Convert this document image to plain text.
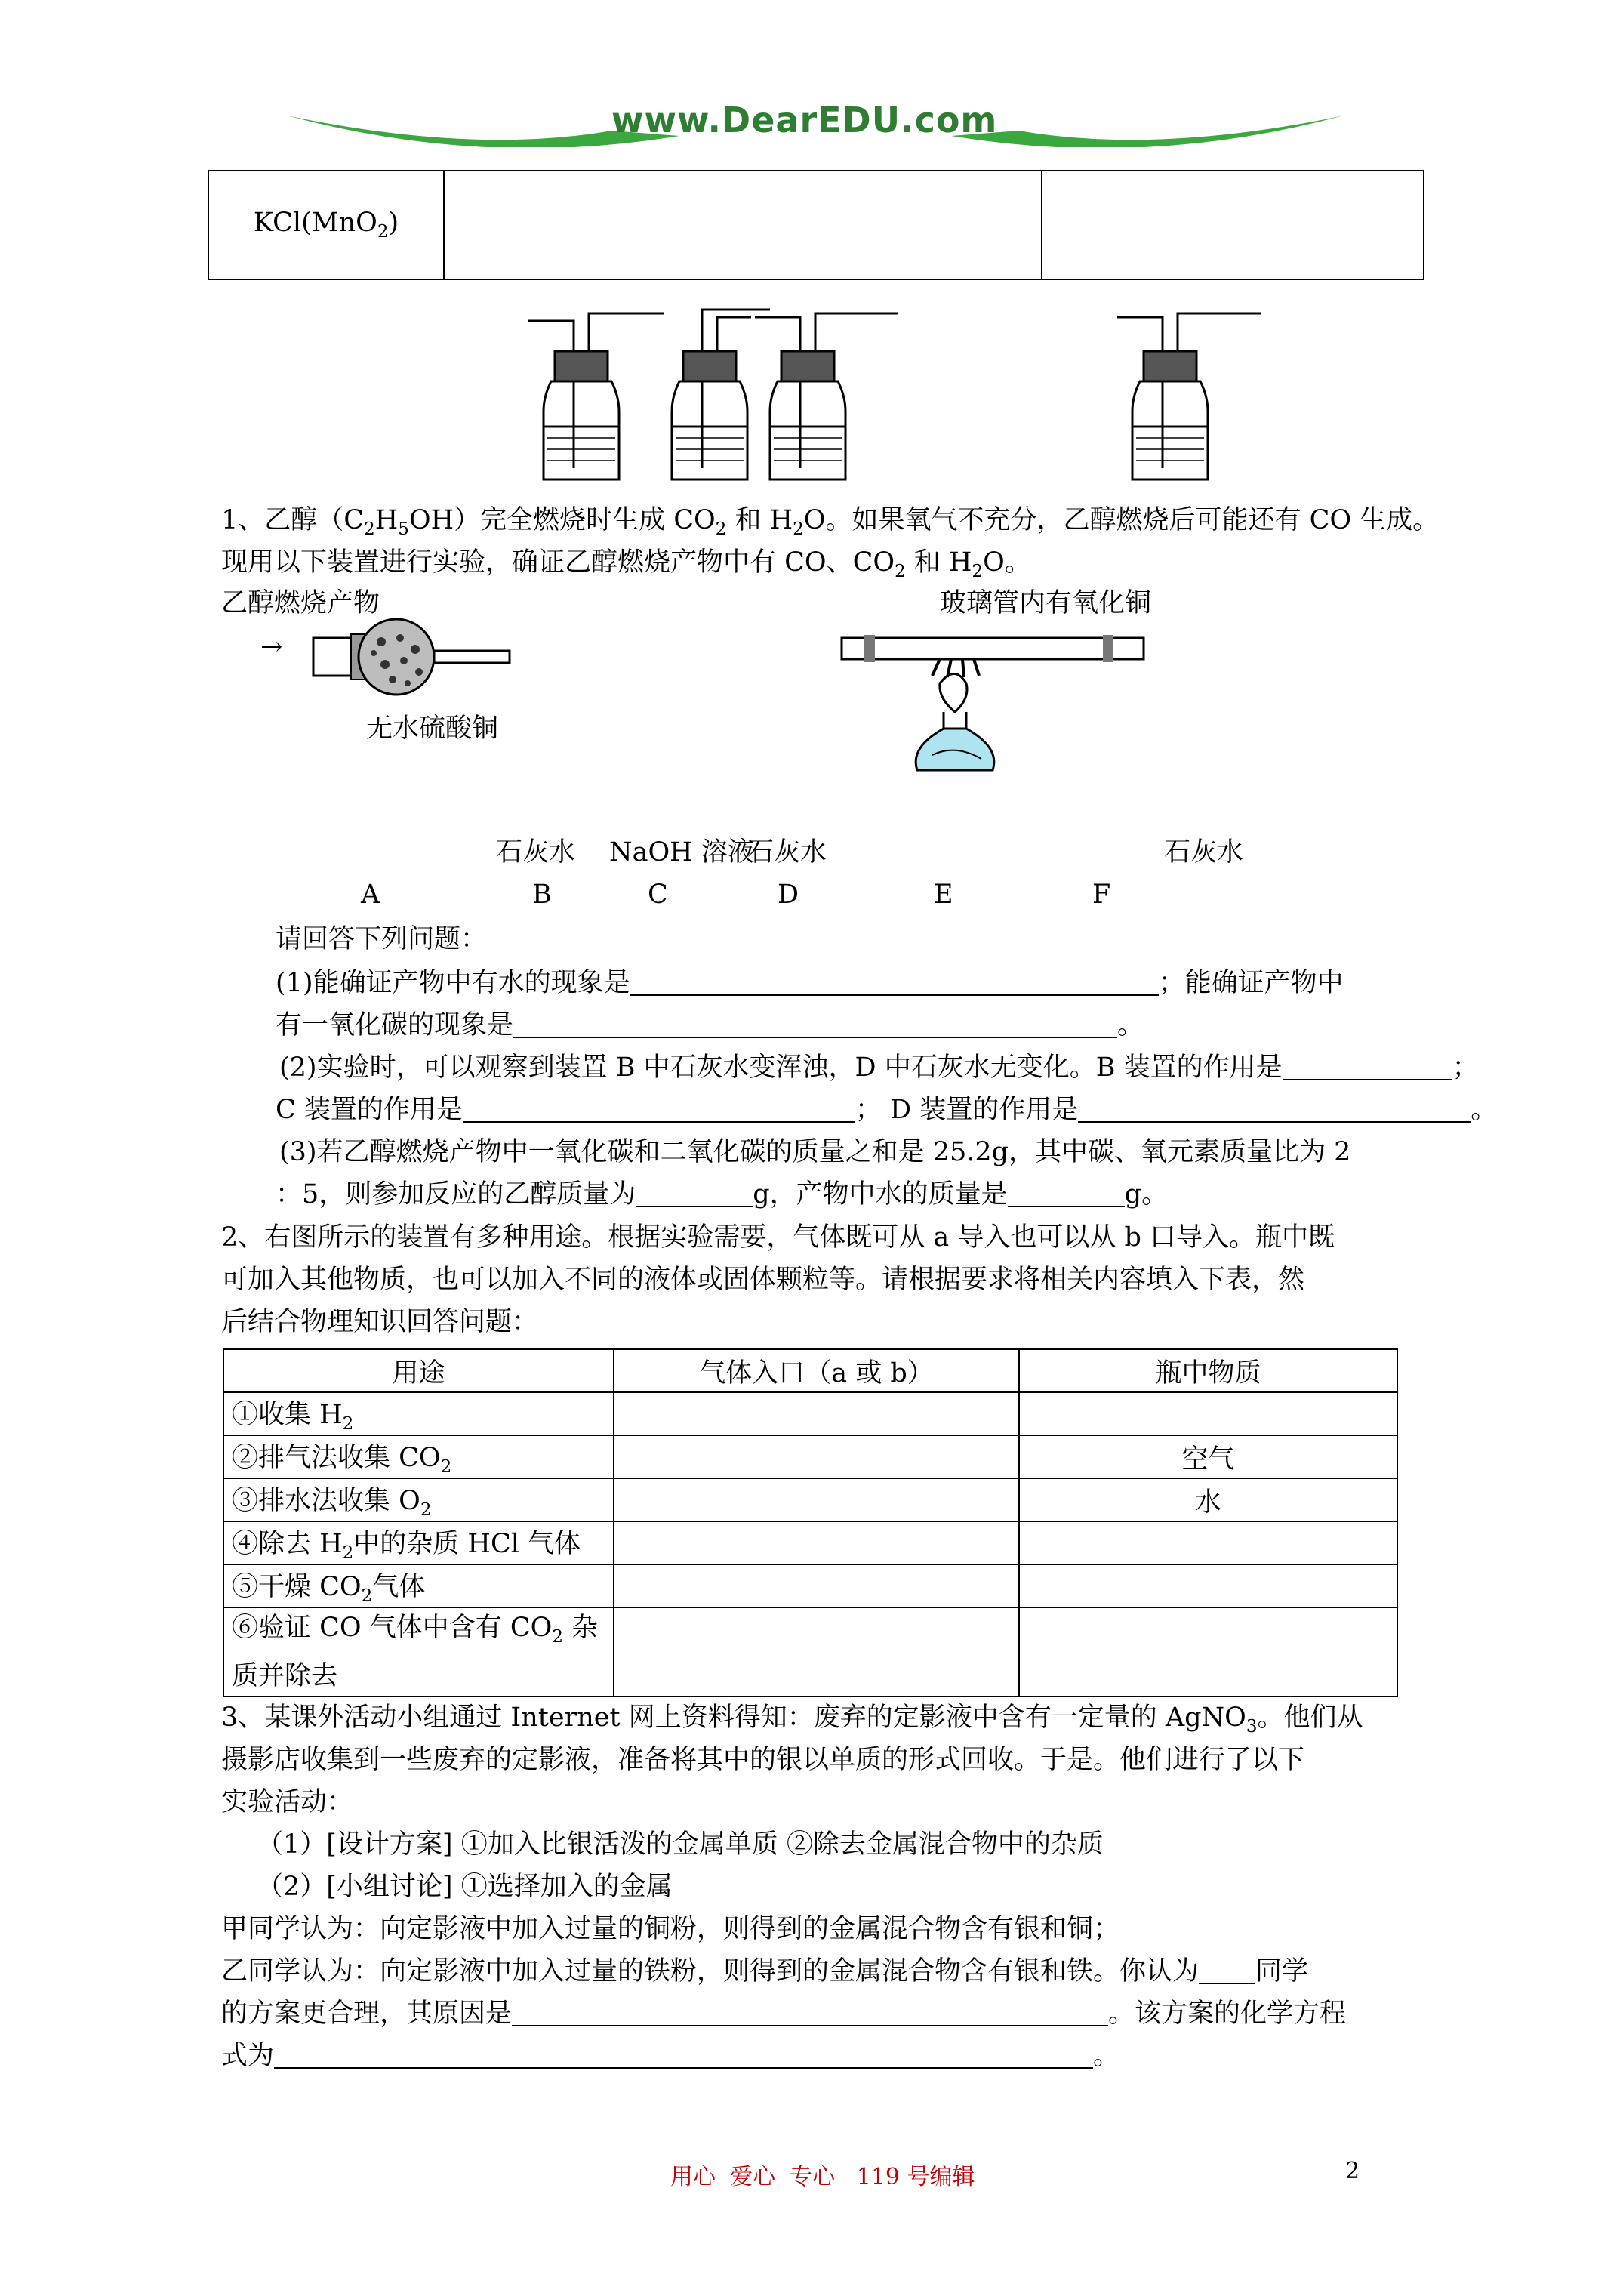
www.DearEDU.com
KCl(MnO$_2$)		
1、乙醇$(C_2H_5OH)$完全燃烧时生成 $CO_2$ 和 $H_2O$。如果氧气不充分，乙醇燃烧后可能还有 CO 生成。
现用以下装置进行实验，确证乙醇燃烧产物中有 CO、$CO_2$ 和 $H_2O$。
乙醇燃烧产物
→
玻璃管内有氧化铜
无水硫酸铜
石灰水 NaOH 溶液
石灰水	石灰水
A	B	C	D	E	F
请回答下列问题：
(1)能确证产物中有水的现象是	；能确证产物中
有一氧化碳的现象是	。
(2)实验时，可以观察到装置 B 中石灰水变浑浊，D 中石灰水无变化。B 装置的作用是	；
C 装置的作用是	； D 装置的作用是	。
(3)若乙醇燃烧产物中一氧化碳和二氧化碳的质量之和是 25.2g，其中碳、氧元素质量比为 2
：5，则参加反应的乙醇质量为	g，产物中水的质量是	g。
2、右图所示的装置有多种用途。根据实验需要，气体既可从 a 导入也可以从 b 口导入。瓶中既
可加入其他物质，也可以加入不同的液体或固体颗粒等。请根据要求将相关内容填入下表，然
后结合物理知识回答问题：
用途	气体入口（a 或 b）	瓶中物质
①收集 $H_2$		
②排气法收集 $CO_2$		空气
③排水法收集 $O_2$		水
④除去 $H_2$中的杂质 HCl 气体		
⑤干燥 $CO_2$气体		
⑥验证 CO 气体中含有 $CO_2$ 杂
质并除去		
3、某课外活动小组通过 Internet 网上资料得知：废弃的定影液中含有一定量的 AgNO$_3$。他们从
摄影店收集到一些废弃的定影液，准备将其中的银以单质的形式回收。于是。他们进行了以下
实验活动：
（1）[设计方案] ①加入比银活泼的金属单质 ②除去金属混合物中的杂质
（2）[小组讨论] ①选择加入的金属
甲同学认为：向定影液中加入过量的铜粉，则得到的金属混合物含有银和铜；
乙同学认为：向定影液中加入过量的铁粉，则得到的金属混合物含有银和铁。你认为 同学
的方案更合理，其原因是	。该方案的化学方程
式为	。
用心  爱心  专心   119 号编辑	2
